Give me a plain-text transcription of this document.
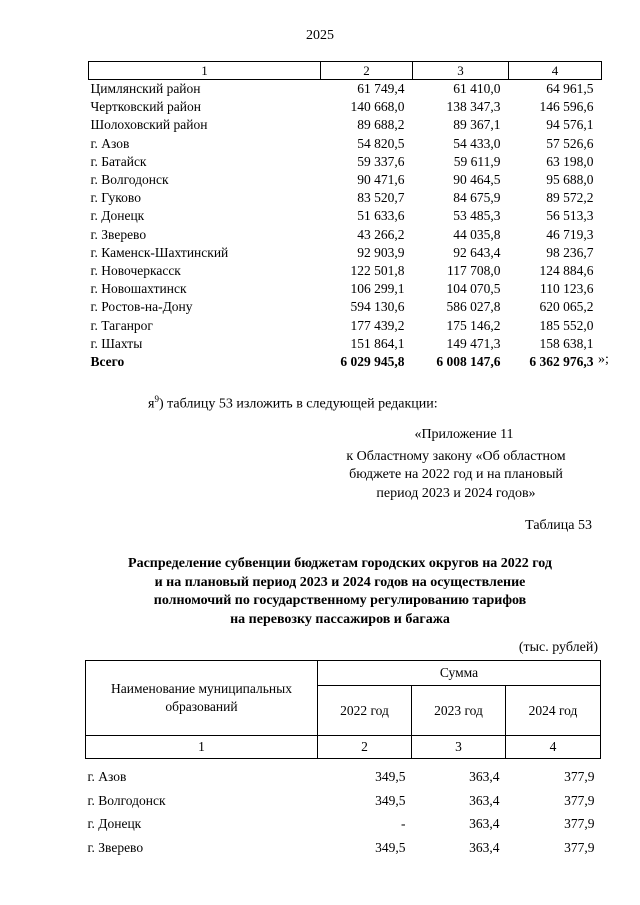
2025
1	2	3	4
Цимлянский район	61 749,4	61 410,0	64 961,5
Чертковский район	140 668,0	138 347,3	146 596,6
Шолоховский район	89 688,2	89 367,1	94 576,1
г. Азов	54 820,5	54 433,0	57 526,6
г. Батайск	59 337,6	59 611,9	63 198,0
г. Волгодонск	90 471,6	90 464,5	95 688,0
г. Гуково	83 520,7	84 675,9	89 572,2
г. Донецк	51 633,6	53 485,3	56 513,3
г. Зверево	43 266,2	44 035,8	46 719,3
г. Каменск-Шахтинский	92 903,9	92 643,4	98 236,7
г. Новочеркасск	122 501,8	117 708,0	124 884,6
г. Новошахтинск	106 299,1	104 070,5	110 123,6
г. Ростов-на-Дону	594 130,6	586 027,8	620 065,2
г. Таганрог	177 439,2	175 146,2	185 552,0
г. Шахты	151 864,1	149 471,3	158 638,1
Всего	6 029 945,8	6 008 147,6	6 362 976,3 »;
$я^9$) таблицу 53 изложить в следующей редакции:
«Приложение 11
к Областному закону «Об областном
бюджете на 2022 год и на плановый
период 2023 и 2024 годов»
Таблица 53
Распределение субвенции бюджетам городских округов на 2022 год
и на плановый период 2023 и 2024 годов на осуществление
полномочий по государственному регулированию тарифов
на перевозку пассажиров и багажа
(тыс. рублей)
Наименование муниципальных образований	Сумма		
	2022 год	2023 год	2024 год
1	2	3	4

г. Азов	349,5	363,4	377,9
г. Волгодонск	349,5	363,4	377,9
г. Донецк	-	363,4	377,9
г. Зверево	349,5	363,4	377,9
